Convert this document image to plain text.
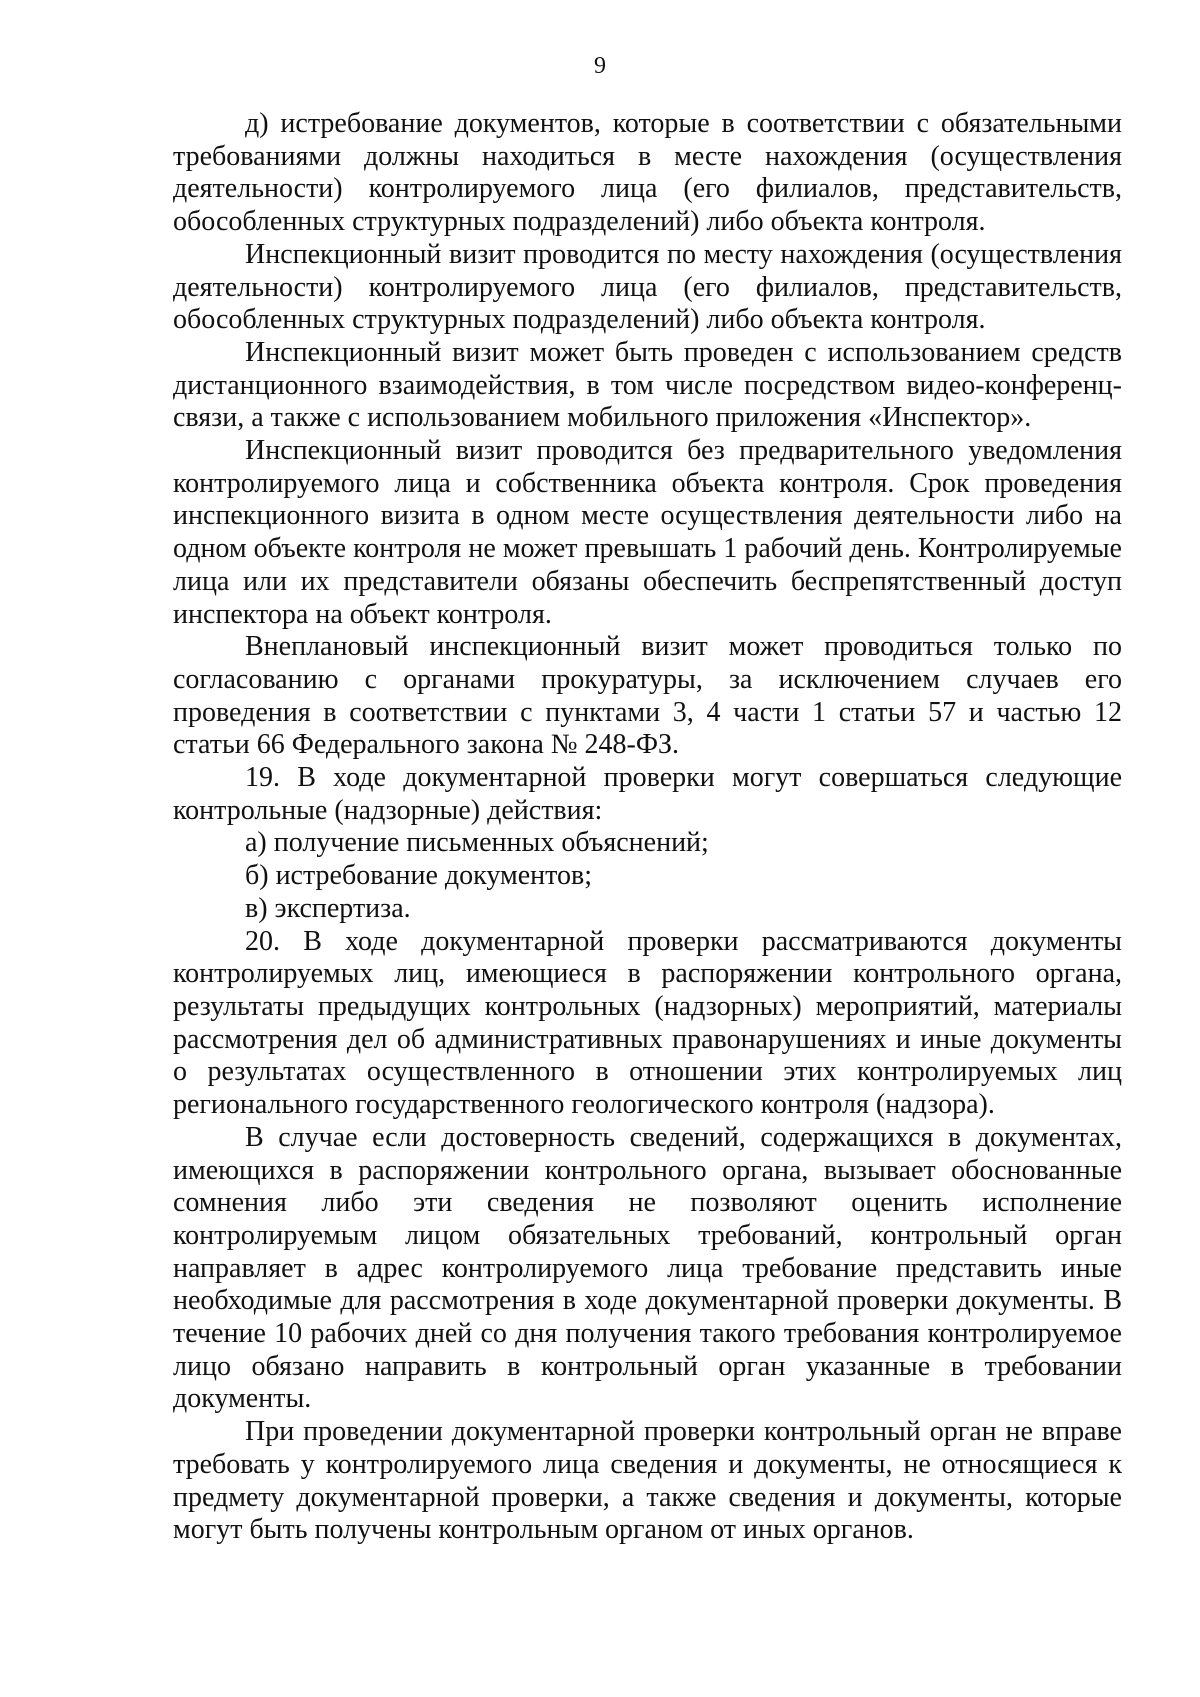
9

д) истребование документов, которые в соответствии с обязательными требованиями должны находиться в месте нахождения (осуществления деятельности) контролируемого лица (его филиалов, представительств, обособленных структурных подразделений) либо объекта контроля.

Инспекционный визит проводится по месту нахождения (осуществления деятельности) контролируемого лица (его филиалов, представительств, обособленных структурных подразделений) либо объекта контроля.

Инспекционный визит может быть проведен с использованием средств дистанционного взаимодействия, в том числе посредством видео-конференц-связи, а также с использованием мобильного приложения «Инспектор».

Инспекционный визит проводится без предварительного уведомления контролируемого лица и собственника объекта контроля. Срок проведения инспекционного визита в одном месте осуществления деятельности либо на одном объекте контроля не может превышать 1 рабочий день. Контролируемые лица или их представители обязаны обеспечить беспрепятственный доступ инспектора на объект контроля.

Внеплановый инспекционный визит может проводиться только по согласованию с органами прокуратуры, за исключением случаев его проведения в соответствии с пунктами 3, 4 части 1 статьи 57 и частью 12 статьи 66 Федерального закона № 248-ФЗ.

19. В ходе документарной проверки могут совершаться следующие контрольные (надзорные) действия:

а) получение письменных объяснений;

б) истребование документов;

в) экспертиза.

20. В ходе документарной проверки рассматриваются документы контролируемых лиц, имеющиеся в распоряжении контрольного органа, результаты предыдущих контрольных (надзорных) мероприятий, материалы рассмотрения дел об административных правонарушениях и иные документы о результатах осуществленного в отношении этих контролируемых лиц регионального государственного геологического контроля (надзора).

В случае если достоверность сведений, содержащихся в документах, имеющихся в распоряжении контрольного органа, вызывает обоснованные сомнения либо эти сведения не позволяют оценить исполнение контролируемым лицом обязательных требований, контрольный орган направляет в адрес контролируемого лица требование представить иные необходимые для рассмотрения в ходе документарной проверки документы. В течение 10 рабочих дней со дня получения такого требования контролируемое лицо обязано направить в контрольный орган указанные в требовании документы.

При проведении документарной проверки контрольный орган не вправе требовать у контролируемого лица сведения и документы, не относящиеся к предмету документарной проверки, а также сведения и документы, которые могут быть получены контрольным органом от иных органов.
